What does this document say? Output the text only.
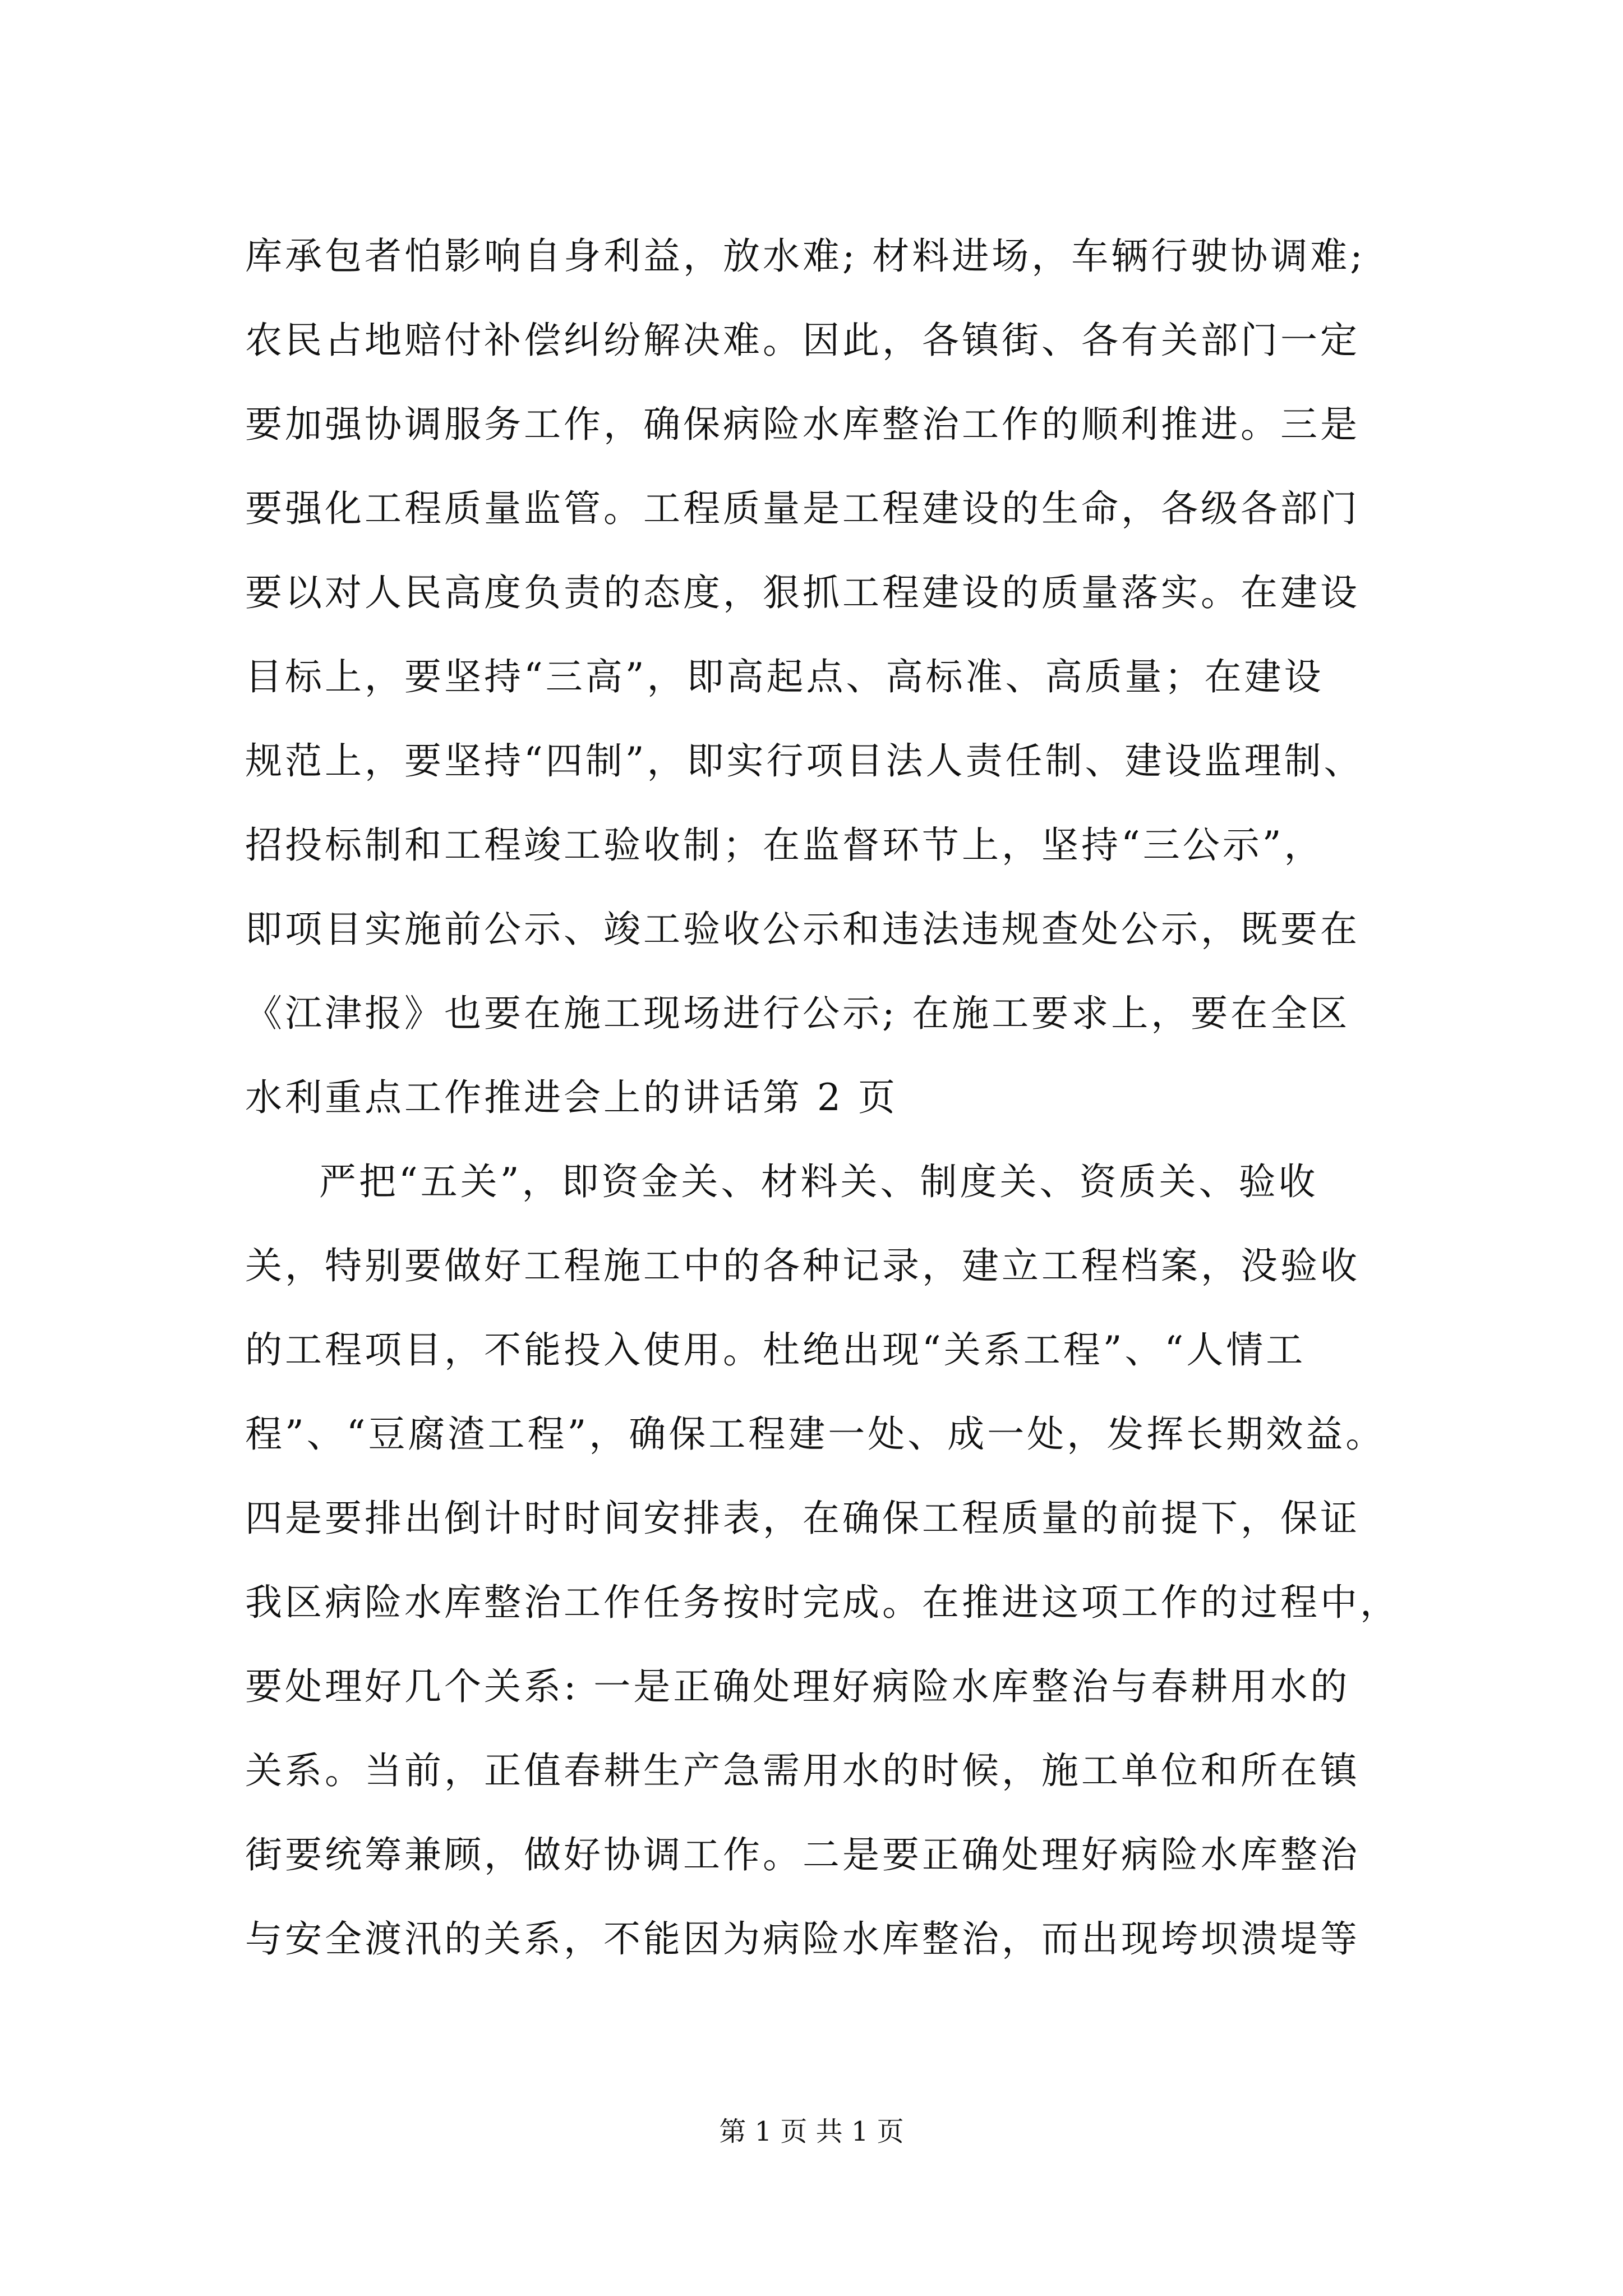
库承包者怕影响自身利益，放水难; 材料进场，车辆行驶协调难;
农民占地赔付补偿纠纷解决难。因此，各镇街、各有关部门一定
要加强协调服务工作，确保病险水库整治工作的顺利推进。三是
要强化工程质量监管。工程质量是工程建设的生命，各级各部门
要以对人民高度负责的态度，狠抓工程建设的质量落实。在建设
目标上，要坚持“三高”，即高起点、高标准、高质量；在建设
规范上，要坚持“四制”，即实行项目法人责任制、建设监理制、
招投标制和工程竣工验收制；在监督环节上，坚持“三公示”，
即项目实施前公示、竣工验收公示和违法违规查处公示，既要在
《江津报》也要在施工现场进行公示; 在施工要求上，要在全区
水利重点工作推进会上的讲话第 2 页
严把“五关”，即资金关、材料关、制度关、资质关、验收
关，特别要做好工程施工中的各种记录，建立工程档案，没验收
的工程项目，不能投入使用。杜绝出现“关系工程”、“人情工
程”、“豆腐渣工程”，确保工程建一处、成一处，发挥长期效益。
四是要排出倒计时时间安排表，在确保工程质量的前提下，保证
我区病险水库整治工作任务按时完成。在推进这项工作的过程中，
要处理好几个关系: 一是正确处理好病险水库整治与春耕用水的
关系。当前，正值春耕生产急需用水的时候，施工单位和所在镇
街要统筹兼顾，做好协调工作。二是要正确处理好病险水库整治
与安全渡汛的关系，不能因为病险水库整治，而出现垮坝溃堤等
第 1 页 共 1 页
